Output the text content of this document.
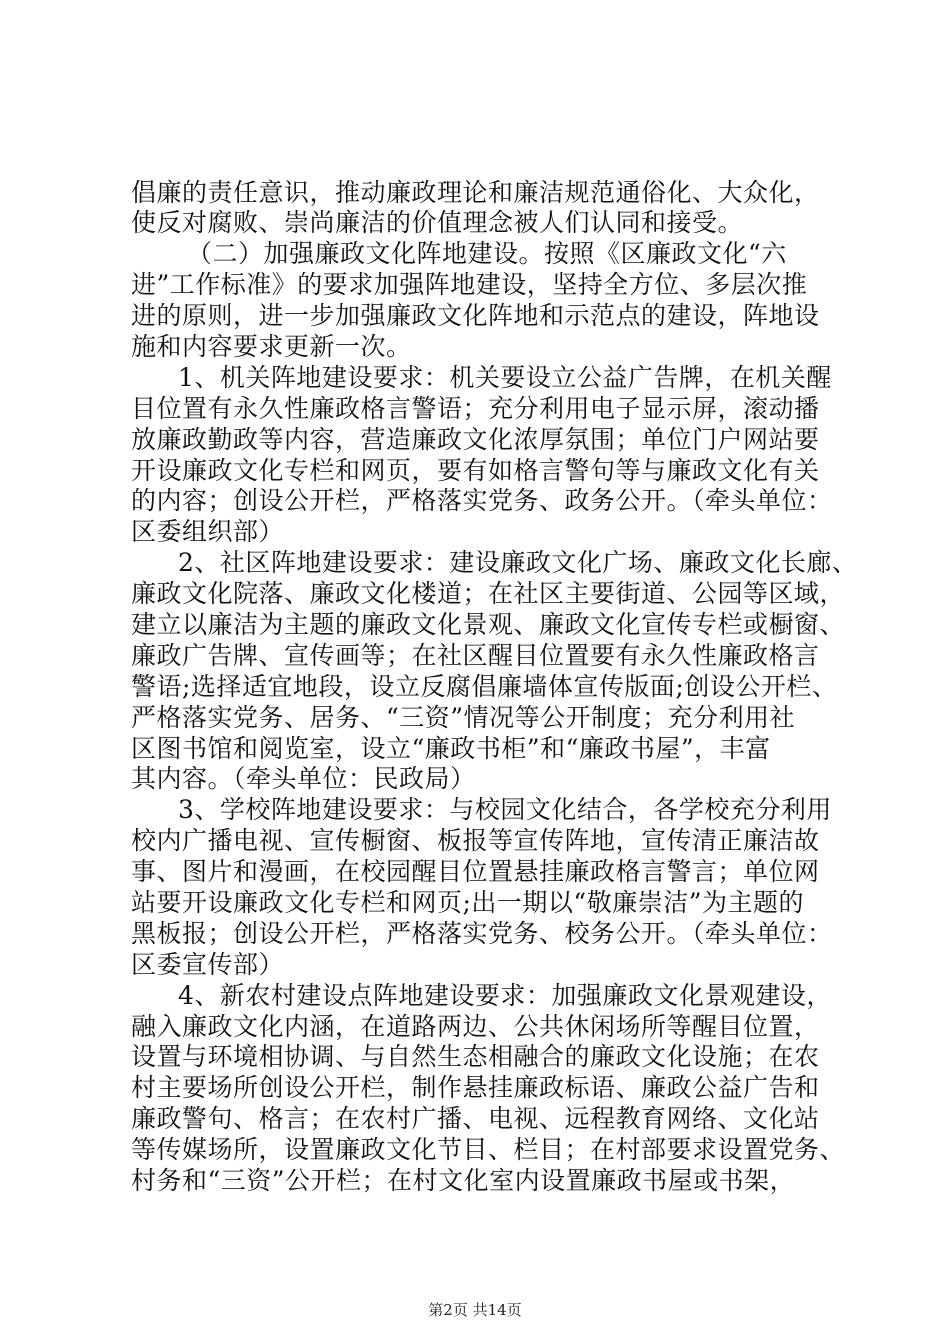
倡廉的责任意识，推动廉政理论和廉洁规范通俗化、大众化，
使反对腐败、崇尚廉洁的价值理念被人们认同和接受。
（二）加强廉政文化阵地建设。按照《区廉政文化“六
进”工作标准》的要求加强阵地建设，坚持全方位、多层次推
进的原则，进一步加强廉政文化阵地和示范点的建设，阵地设
施和内容要求更新一次。
1、机关阵地建设要求：机关要设立公益广告牌，在机关醒
目位置有永久性廉政格言警语；充分利用电子显示屏，滚动播
放廉政勤政等内容，营造廉政文化浓厚氛围；单位门户网站要
开设廉政文化专栏和网页，要有如格言警句等与廉政文化有关
的内容；创设公开栏，严格落实党务、政务公开。（牵头单位：
区委组织部）
2、社区阵地建设要求：建设廉政文化广场、廉政文化长廊、
廉政文化院落、廉政文化楼道；在社区主要街道、公园等区域，
建立以廉洁为主题的廉政文化景观、廉政文化宣传专栏或橱窗、
廉政广告牌、宣传画等；在社区醒目位置要有永久性廉政格言
警语;选择适宜地段，设立反腐倡廉墙体宣传版面;创设公开栏、
严格落实党务、居务、“三资”情况等公开制度；充分利用社
区图书馆和阅览室，设立“廉政书柜”和“廉政书屋”，丰富
其内容。（牵头单位：民政局）
3、学校阵地建设要求：与校园文化结合，各学校充分利用
校内广播电视、宣传橱窗、板报等宣传阵地，宣传清正廉洁故
事、图片和漫画，在校园醒目位置悬挂廉政格言警言；单位网
站要开设廉政文化专栏和网页;出一期以“敬廉崇洁”为主题的
黑板报；创设公开栏，严格落实党务、校务公开。（牵头单位：
区委宣传部）
4、新农村建设点阵地建设要求：加强廉政文化景观建设，
融入廉政文化内涵，在道路两边、公共休闲场所等醒目位置，
设置与环境相协调、与自然生态相融合的廉政文化设施；在农
村主要场所创设公开栏，制作悬挂廉政标语、廉政公益广告和
廉政警句、格言；在农村广播、电视、远程教育网络、文化站
等传媒场所，设置廉政文化节目、栏目；在村部要求设置党务、
村务和“三资”公开栏；在村文化室内设置廉政书屋或书架，
第2页 共14页
